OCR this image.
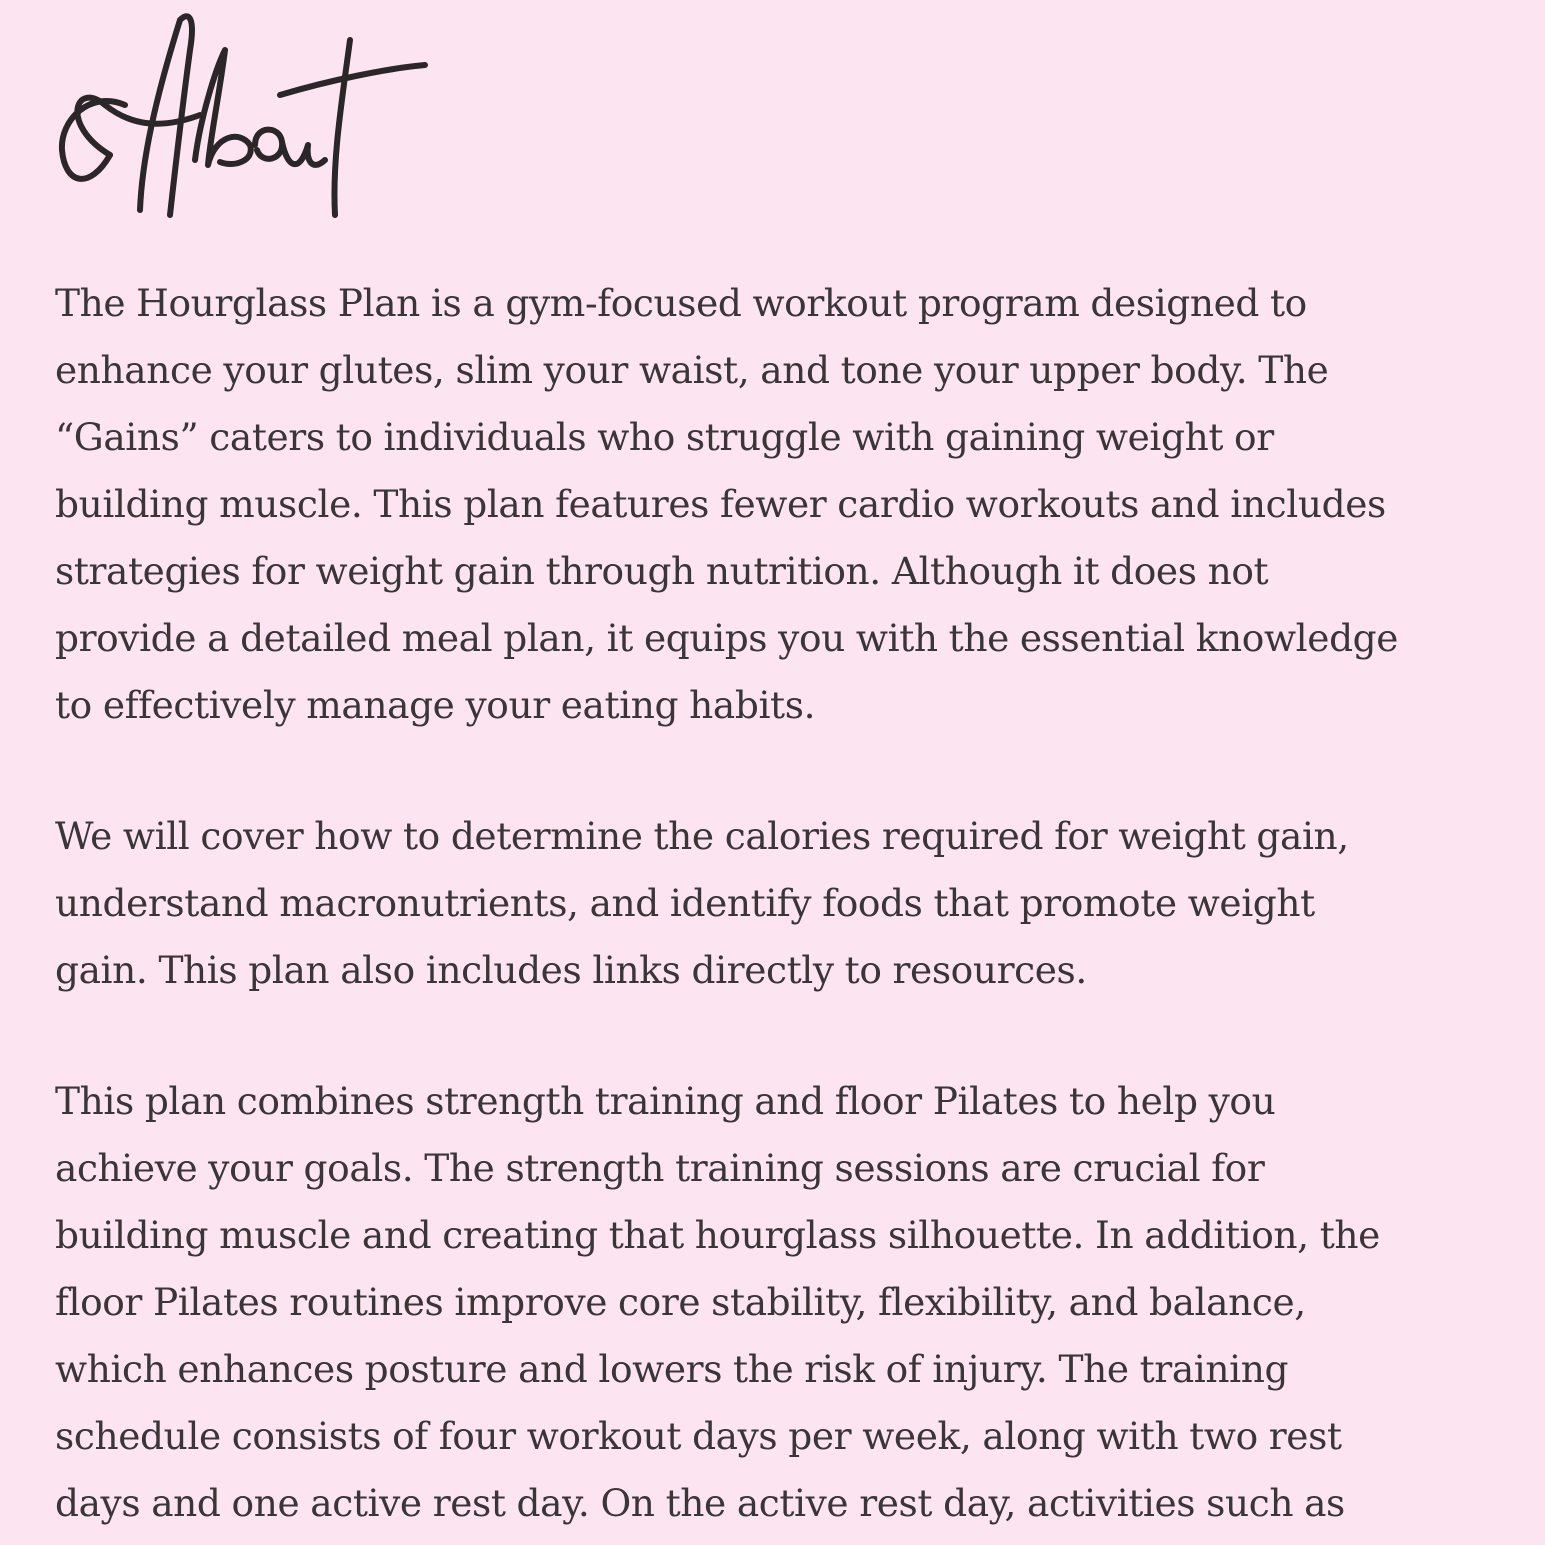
The Hourglass Plan is a gym-focused workout program designed to
enhance your glutes, slim your waist, and tone your upper body. The
“Gains” caters to individuals who struggle with gaining weight or
building muscle. This plan features fewer cardio workouts and includes
strategies for weight gain through nutrition. Although it does not
provide a detailed meal plan, it equips you with the essential knowledge
to effectively manage your eating habits.

We will cover how to determine the calories required for weight gain,
understand macronutrients, and identify foods that promote weight
gain. This plan also includes links directly to resources.

This plan combines strength training and floor Pilates to help you
achieve your goals. The strength training sessions are crucial for
building muscle and creating that hourglass silhouette. In addition, the
floor Pilates routines improve core stability, flexibility, and balance,
which enhances posture and lowers the risk of injury. The training
schedule consists of four workout days per week, along with two rest
days and one active rest day. On the active rest day, activities such as
